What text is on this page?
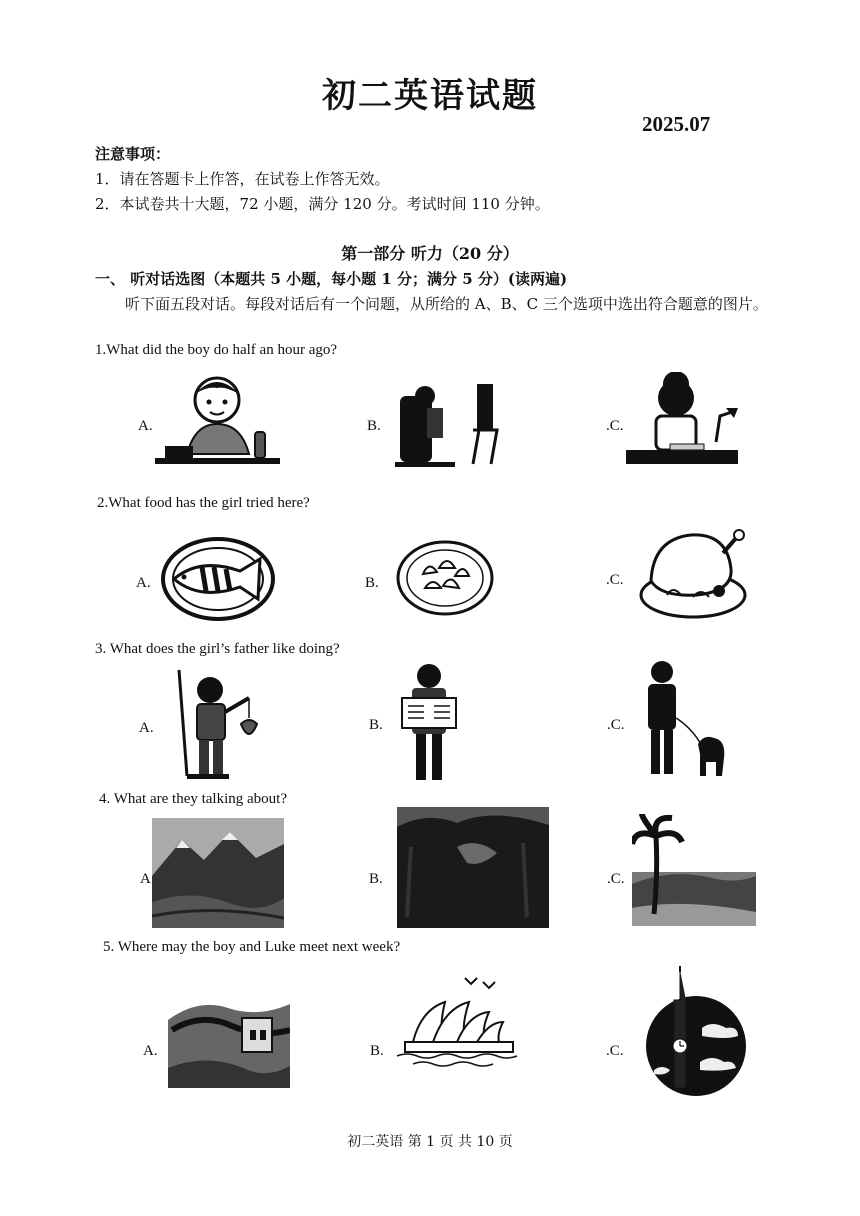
初二英语试题
2025.07
注意事项：
1．请在答题卡上作答，在试卷上作答无效。
2．本试卷共十大题，72 小题，满分 120 分。考试时间 110 分钟。
第一部分 听力（20 分）
一、 听对话选图（本题共 5 小题，每小题 1 分；满分 5 分）(读两遍)
听下面五段对话。每段对话后有一个问题，从所给的 A、B、C 三个选项中选出符合题意的图片。
1.What did the boy do half an hour ago?
A.	B.	.C.
2.What food has the girl tried here?
A.	B.	.C.
3. What does the girl’s father like doing?
A.	B.	.C.
4. What are they talking about?
A	B.	.C.
5. Where may the boy and Luke meet next week?
A.	B.	.C.
初二英语 第 1 页 共 10 页
